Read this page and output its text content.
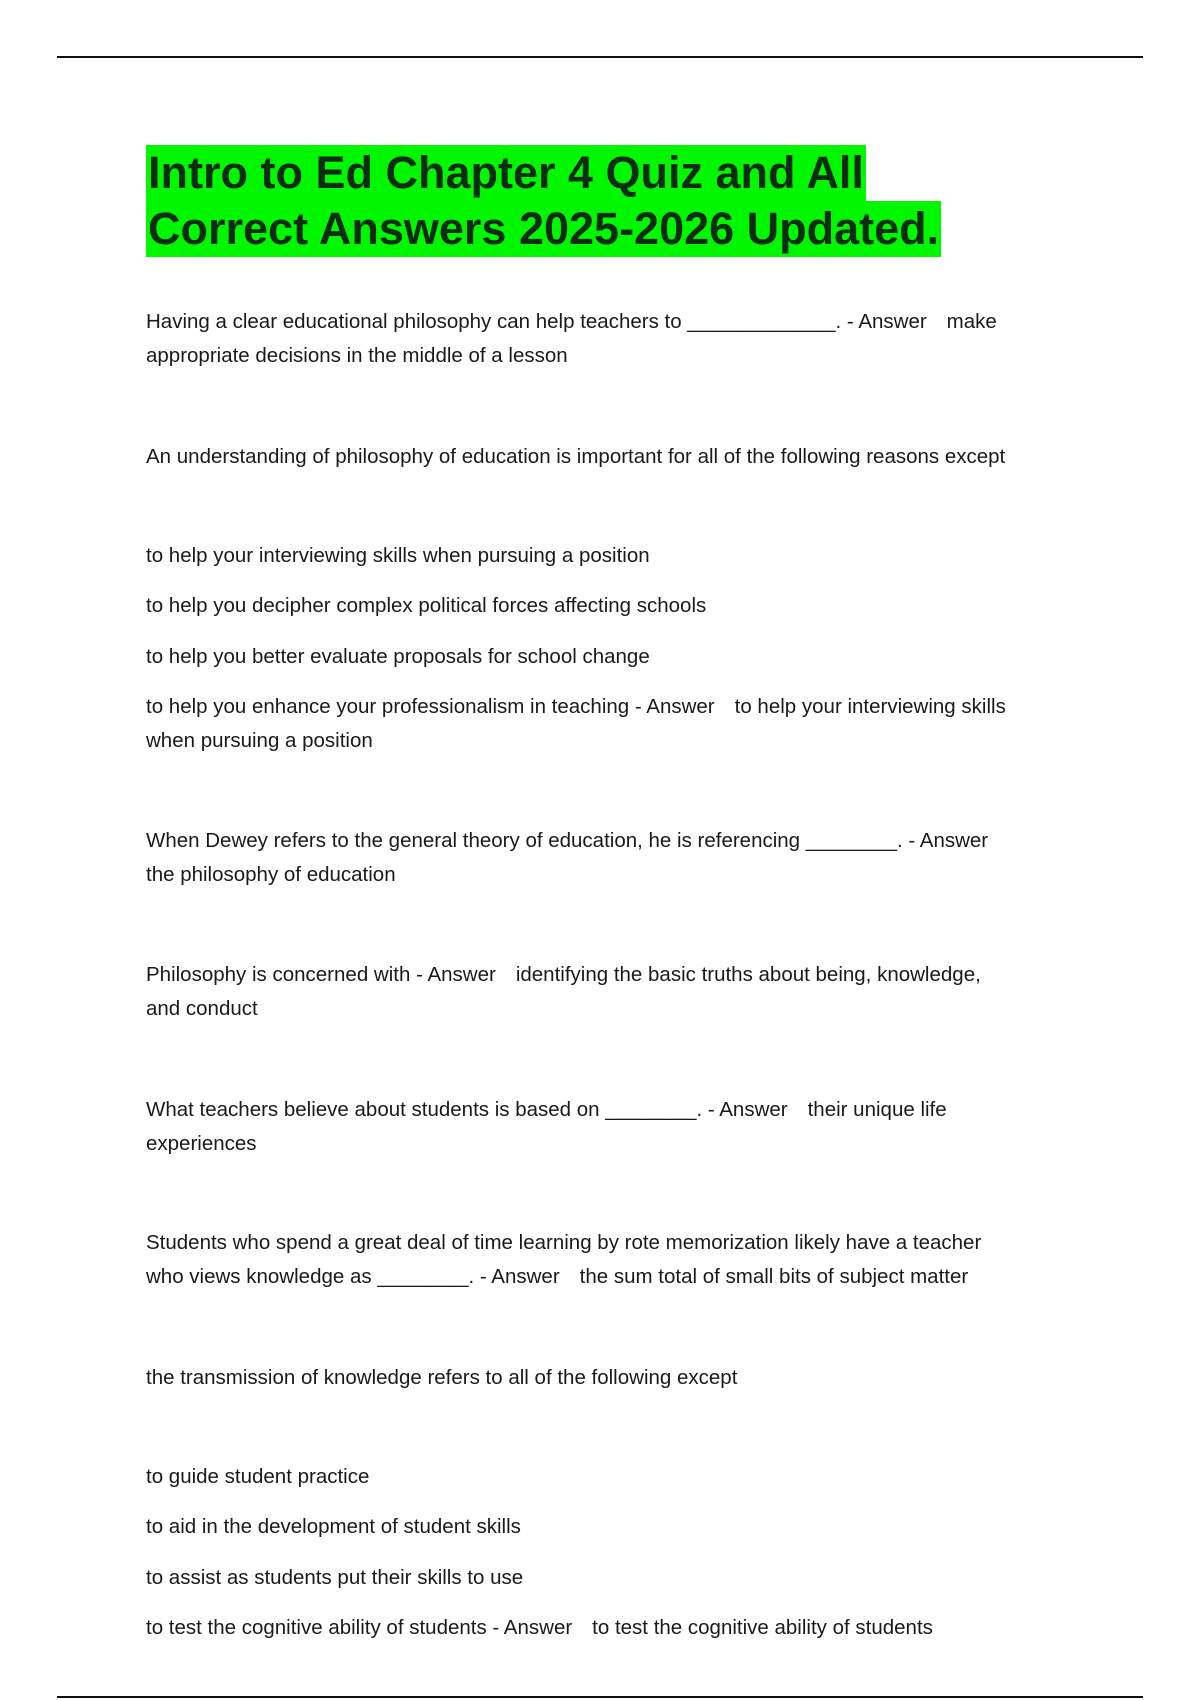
Intro to Ed Chapter 4 Quiz and All
Correct Answers 2025-2026 Updated.

Having a clear educational philosophy can help teachers to _____________. - Answer make
appropriate decisions in the middle of a lesson

An understanding of philosophy of education is important for all of the following reasons except

to help your interviewing skills when pursuing a position

to help you decipher complex political forces affecting schools

to help you better evaluate proposals for school change

to help you enhance your professionalism in teaching - Answer to help your interviewing skills
when pursuing a position

When Dewey refers to the general theory of education, he is referencing ________. - Answer
the philosophy of education

Philosophy is concerned with - Answer identifying the basic truths about being, knowledge,
and conduct

What teachers believe about students is based on ________. - Answer their unique life
experiences

Students who spend a great deal of time learning by rote memorization likely have a teacher
who views knowledge as ________. - Answer the sum total of small bits of subject matter

the transmission of knowledge refers to all of the following except

to guide student practice

to aid in the development of student skills

to assist as students put their skills to use

to test the cognitive ability of students - Answer to test the cognitive ability of students
